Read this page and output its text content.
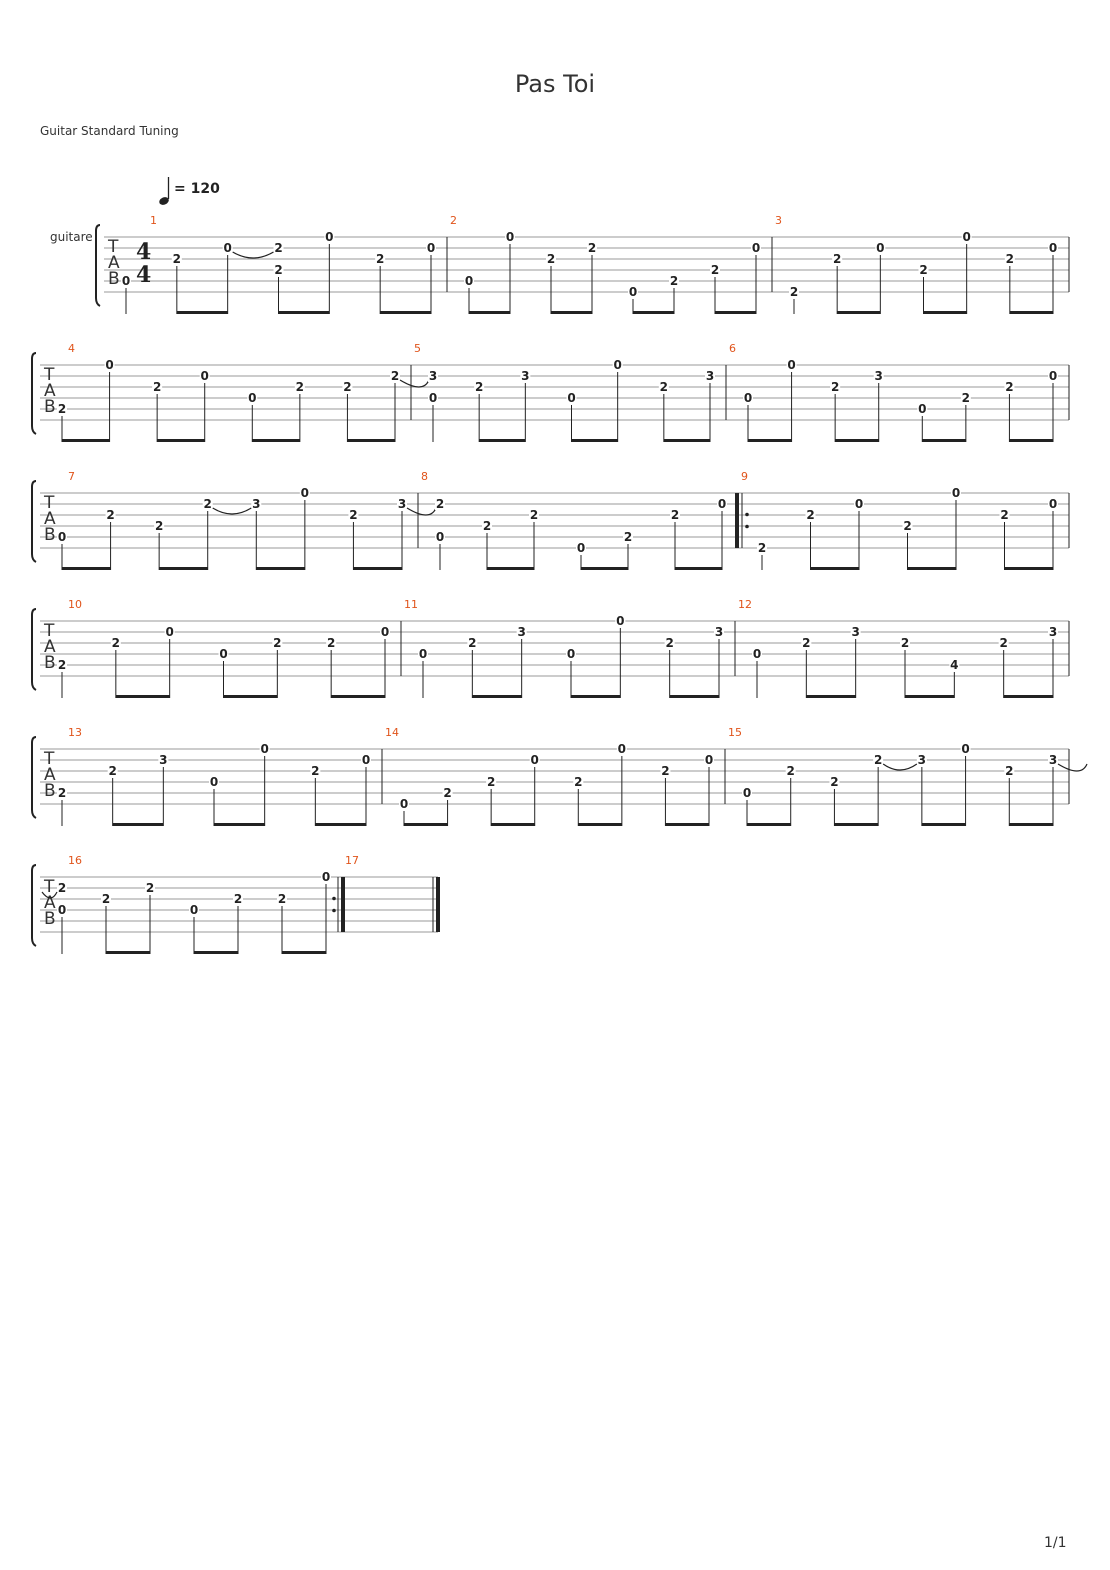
Pas Toi
Guitar Standard Tuning
guitare
= 120
T
A
B
4
4
1
0
2
0	2
2
0
2
0
2
0
0
2
2
0
2
2
0
3
2
2
0
2
0
2
0
T
A
B
4
2
0
2
0
0
2	2
2
5
3
0
2
3
0
0
2
3
6
0
0
2
3
0
2
2
0
T
A
B
7
0
2
2
2	3
0
2
3
8
2
0
2
2
0
2
2
0
9
2
2
0
2
0
2
0
T
A
B
10
2
2
0
0
2	2
0
11
0
2
3
0
0
2
3
12
0
2
3
2
4
2
3
T
A
B
13
2
2
3
0
0
2
0
14
0
2
2
0
2
0
2
0
15
0
2
2
2	3
0
2
3
T
A
B
16
2
0
2
2
0
2	2
0
17
1/1
